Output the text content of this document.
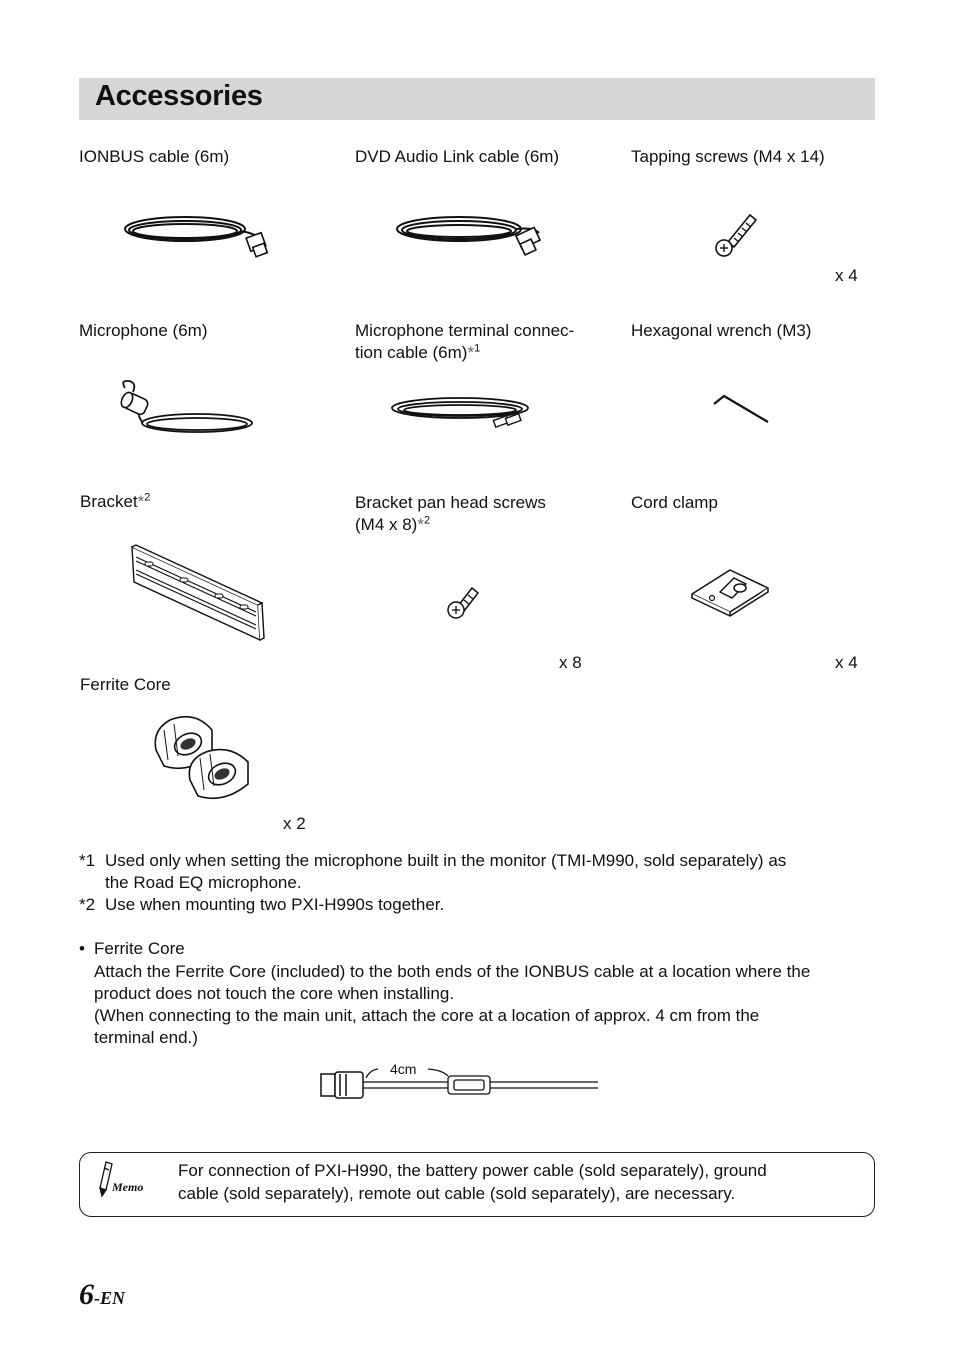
Accessories
IONBUS cable (6m)	DVD Audio Link cable (6m)	Tapping screws (M4 x 14)
x 4
Microphone (6m)	Microphone terminal connec-
tion cable (6m)*$^1$
Hexagonal wrench (M3)
Bracket*$^2$	Bracket pan head screws
(M4 x 8)*$^2$
Cord clamp
x 8	x 4
Ferrite Core
x 2
*1 Used only when setting the microphone built in the monitor (TMI-M990, sold separately) as
the Road EQ microphone.
*2 Use when mounting two PXI-H990s together.
• Ferrite Core
Attach the Ferrite Core (included) to the both ends of the IONBUS cable at a location where the
product does not touch the core when installing.
(When connecting to the main unit, attach the core at a location of approx. 4 cm from the
terminal end.)
4cm
Memo
For connection of PXI-H990, the battery power cable (sold separately), ground
cable (sold separately), remote out cable (sold separately), are necessary.
6-EN
